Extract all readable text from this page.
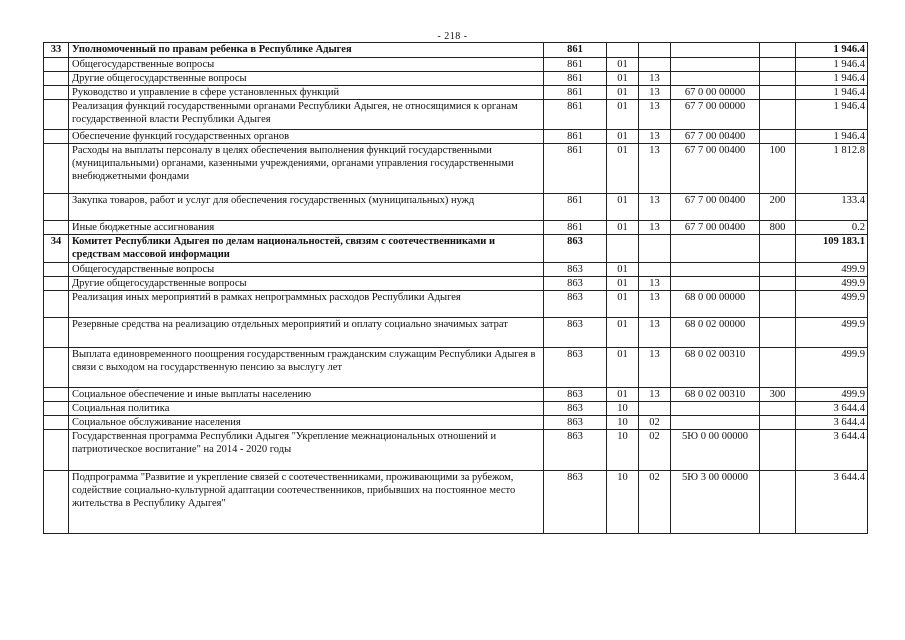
- 218 -
33	Уполномоченный по правам ребенка в Республике Адыгея	861					1 946.4
	Общегосударственные вопросы	861	01				1 946.4
	Другие общегосударственные вопросы	861	01	13			1 946.4
	Руководство и управление в сфере установленных функций	861	01	13	67 0 00 00000		1 946.4
	Реализация функций государственными органами Республики Адыгея, не относящимися к органам государственной власти Республики Адыгея	861	01	13	67 7 00 00000		1 946.4
	Обеспечение функций государственных органов	861	01	13	67 7 00 00400		1 946.4
	Расходы на выплаты персоналу в целях обеспечения выполнения функций государственными (муниципальными) органами, казенными учреждениями, органами управления государственными внебюджетными фондами	861	01	13	67 7 00 00400	100	1 812.8
	Закупка товаров, работ и услуг для обеспечения государственных (муниципальных) нужд	861	01	13	67 7 00 00400	200	133.4
	Иные бюджетные ассигнования	861	01	13	67 7 00 00400	800	0.2
34	Комитет Республики Адыгея по делам национальностей, связям с соотечественниками и средствам массовой информации	863					109 183.1
	Общегосударственные вопросы	863	01				499.9
	Другие общегосударственные вопросы	863	01	13			499.9
	Реализация иных мероприятий в рамках непрограммных расходов Республики Адыгея	863	01	13	68 0 00 00000		499.9
	Резервные средства на реализацию отдельных мероприятий и оплату социально значимых затрат	863	01	13	68 0 02 00000		499.9
	Выплата единовременного поощрения государственным гражданским служащим Республики Адыгея в связи с выходом на государственную пенсию за выслугу лет	863	01	13	68 0 02 00310		499.9
	Социальное обеспечение и иные выплаты населению	863	01	13	68 0 02 00310	300	499.9
	Социальная политика	863	10				3 644.4
	Социальное обслуживание населения	863	10	02			3 644.4
	Государственная программа Республики Адыгея "Укрепление межнациональных отношений и патриотическое воспитание" на 2014 - 2020 годы	863	10	02	5Ю 0 00 00000		3 644.4
	Подпрограмма "Развитие и укрепление связей с соотечественниками, проживающими за рубежом, содействие социально-культурной адаптации соотечественников, прибывших на постоянное место жительства в Республику Адыгея"	863	10	02	5Ю 3 00 00000		3 644.4
